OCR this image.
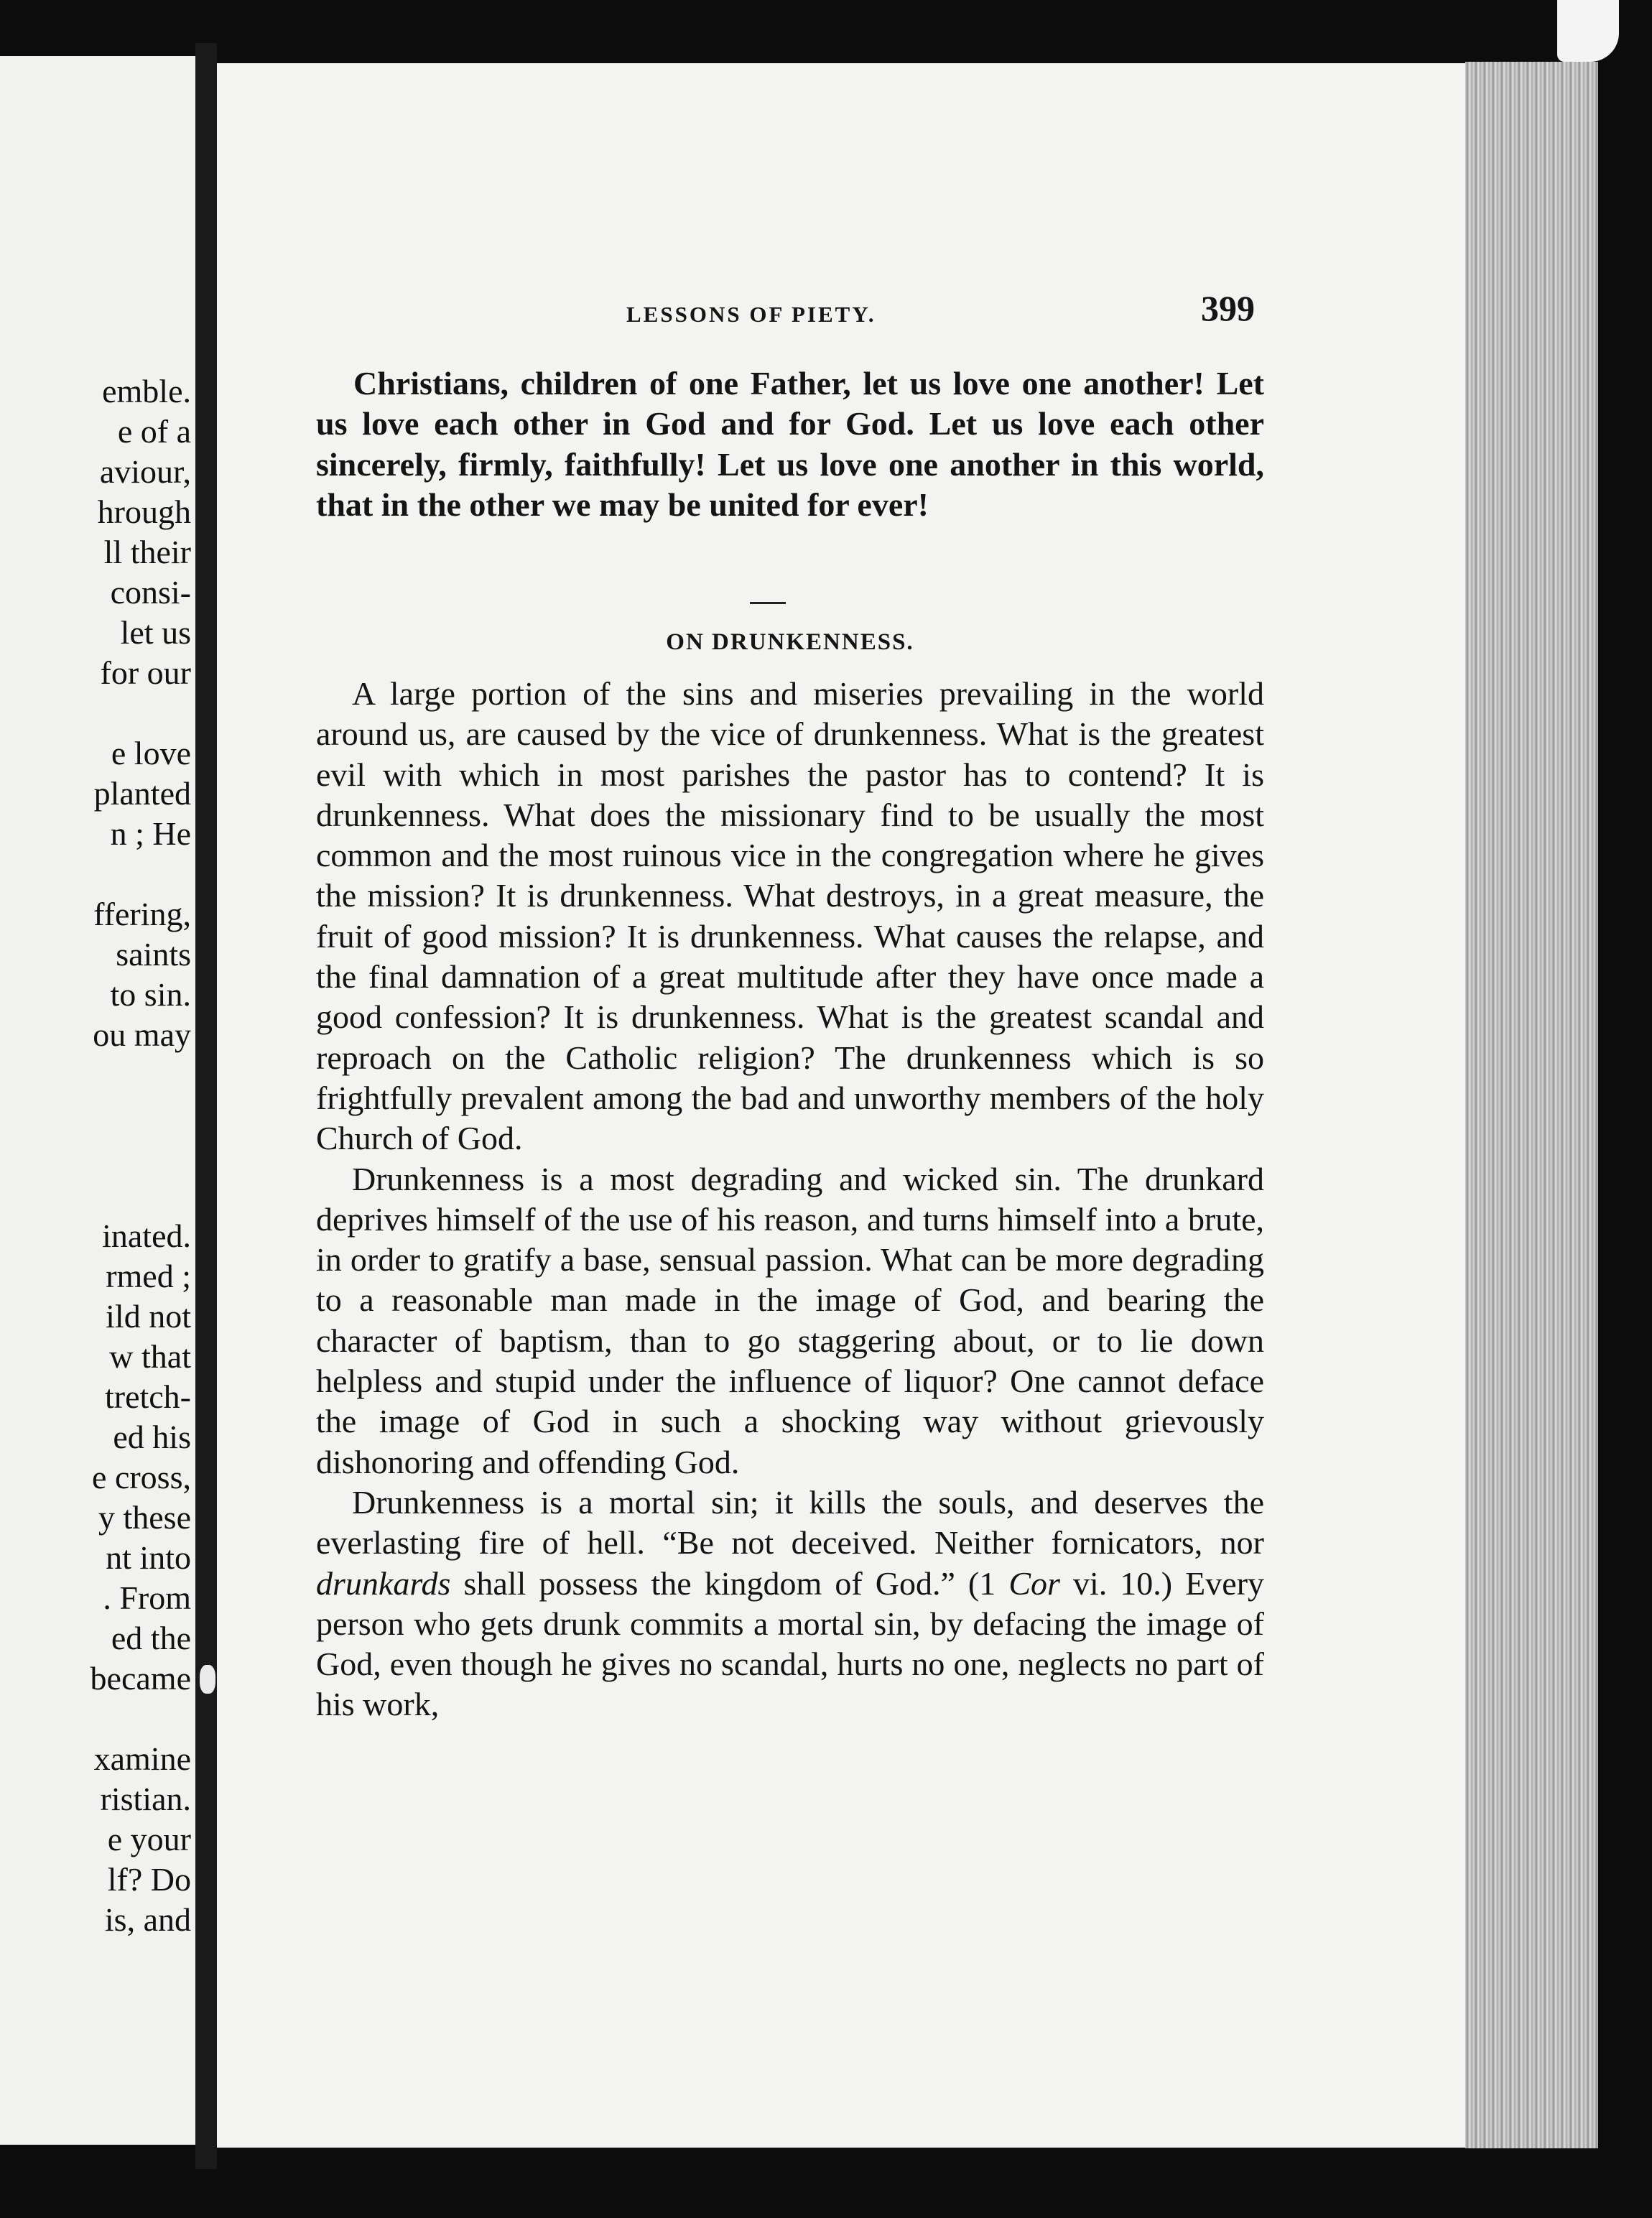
emble.

e of a

aviour,

hrough

ll their

consi-

let us

for our

e love

planted

n ; He

ffering,

saints

to sin.

ou may

inated.

rmed ;

ild not

w that

tretch-

ed his

e cross,

y these

nt into

. From

ed the

became

xamine

ristian.

e your

lf? Do

is, and

LESSONS OF PIETY.	399

Christians, children of one Father, let us love one another! Let us love each other in God and for God. Let us love each other sincerely, firmly, faithfully! Let us love one another in this world, that in the other we may be united for ever!

ON DRUNKENNESS.

A large portion of the sins and miseries prevailing in the world around us, are caused by the vice of drunkenness. What is the greatest evil with which in most parishes the pastor has to contend? It is drunkenness. What does the missionary find to be usually the most common and the most ruinous vice in the congregation where he gives the mission? It is drunkenness. What destroys, in a great measure, the fruit of good mission? It is drunkenness. What causes the relapse, and the final damnation of a great multitude after they have once made a good confession? It is drunkenness. What is the greatest scandal and reproach on the Catholic religion? The drunkenness which is so frightfully prevalent among the bad and unworthy members of the holy Church of God.

Drunkenness is a most degrading and wicked sin. The drunkard deprives himself of the use of his reason, and turns himself into a brute, in order to gratify a base, sensual passion. What can be more degrading to a reasonable man made in the image of God, and bearing the character of baptism, than to go staggering about, or to lie down helpless and stupid under the influence of liquor? One cannot deface the image of God in such a shocking way without grievously dishonoring and offending God.

Drunkenness is a mortal sin; it kills the souls, and deserves the everlasting fire of hell. “Be not deceived. Neither fornicators, nor drunkards shall possess the kingdom of God.” (1 Cor vi. 10.) Every person who gets drunk commits a mortal sin, by defacing the image of God, even though he gives no scandal, hurts no one, neglects no part of his work,
